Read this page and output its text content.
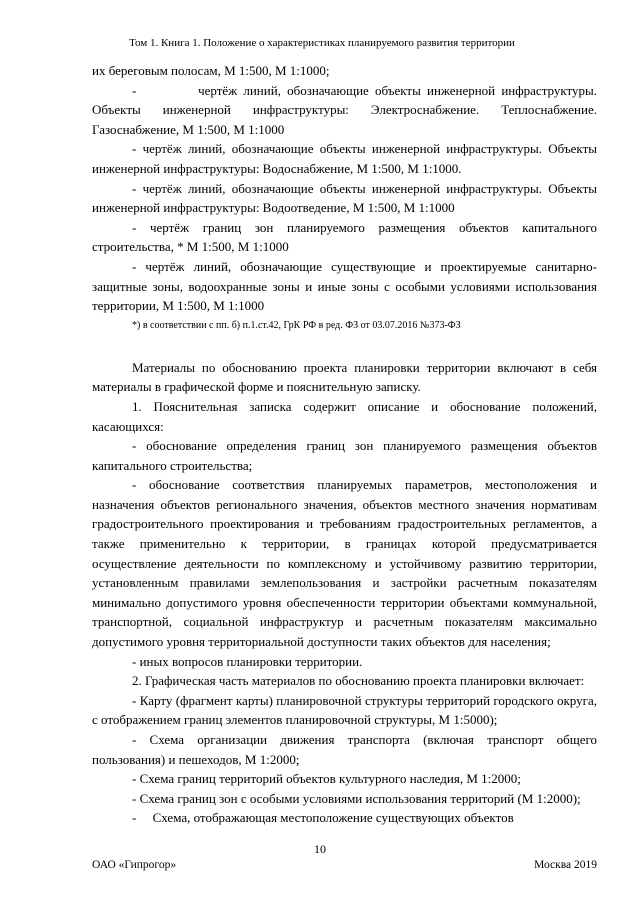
Том 1. Книга 1. Положение о характеристиках планируемого развития территории

их береговым полосам, М 1:500, М 1:1000;

-          чертёж линий, обозначающие объекты инженерной инфраструктуры. Объекты инженерной инфраструктуры: Электроснабжение. Теплоснабжение. Газоснабжение, М 1:500, М 1:1000

- чертёж линий, обозначающие объекты инженерной инфраструктуры. Объекты инженерной инфраструктуры: Водоснабжение, М 1:500, М 1:1000.

- чертёж линий, обозначающие объекты инженерной инфраструктуры. Объекты инженерной инфраструктуры: Водоотведение, М 1:500, М 1:1000

- чертёж границ зон планируемого размещения объектов капитального строительства, * М 1:500, М 1:1000

- чертёж линий, обозначающие существующие и проектируемые санитарно-защитные зоны, водоохранные зоны и иные зоны с особыми условиями использования территории, М 1:500, М 1:1000

*) в соответствии с пп. б) п.1.ст.42, ГрК РФ в ред. ФЗ от 03.07.2016 №373-ФЗ

Материалы по обоснованию проекта планировки территории включают в себя материалы в графической форме и пояснительную записку.

1. Пояснительная записка содержит описание и обоснование положений, касающихся:

- обоснование определения границ зон планируемого размещения объектов капитального строительства;

- обоснование соответствия планируемых параметров, местоположения и назначения объектов регионального значения, объектов местного значения нормативам градостроительного проектирования и требованиям градостроительных регламентов, а также применительно к территории, в границах которой предусматривается осуществление деятельности по комплексному и устойчивому развитию территории, установленным правилами землепользования и застройки расчетным показателям минимально допустимого уровня обеспеченности территории объектами коммунальной, транспортной, социальной инфраструктур и расчетным показателям максимально допустимого уровня территориальной доступности таких объектов для населения;

- иных вопросов планировки территории.

2. Графическая часть материалов по обоснованию проекта планировки включает:

- Карту (фрагмент карты) планировочной структуры территорий городского округа, с отображением границ элементов планировочной структуры, М 1:5000);

- Схема организации движения транспорта (включая транспорт общего пользования) и пешеходов, М 1:2000;

- Схема границ территорий объектов культурного наследия, М 1:2000;

- Схема границ зон с особыми условиями использования территорий (М 1:2000);

-     Схема, отображающая местоположение существующих объектов

10
ОАО «Гипрогор»	Москва 2019
